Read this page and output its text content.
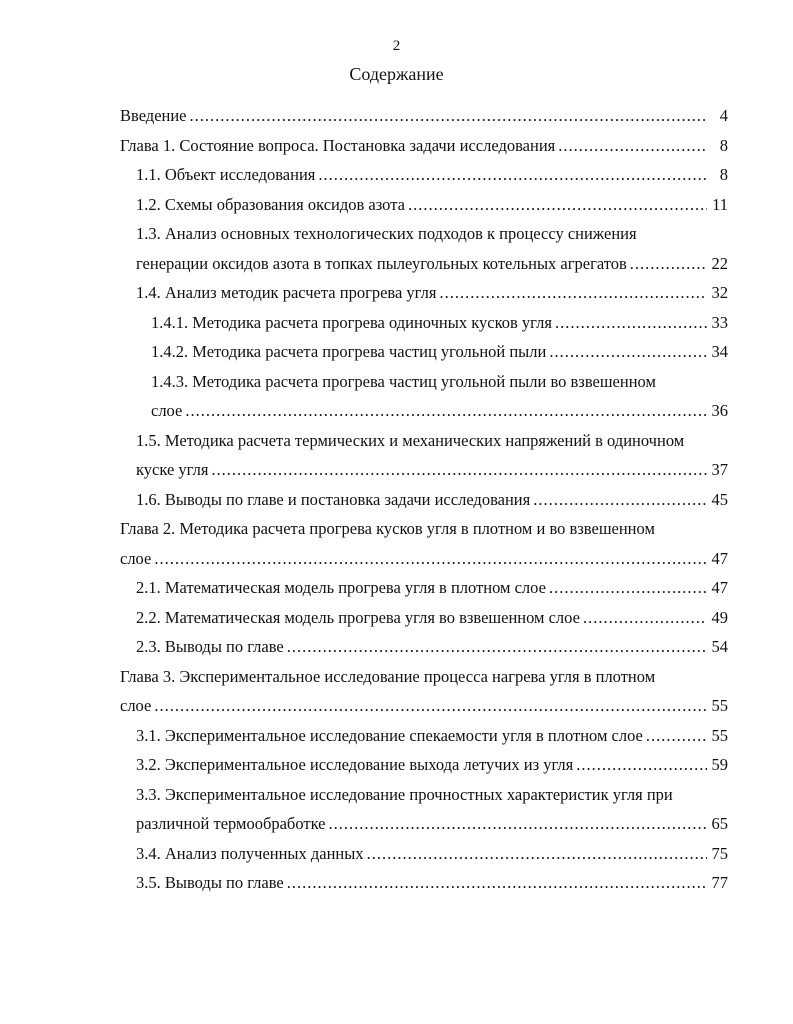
2
Содержание
Введение .....	4
Глава 1. Состояние вопроса. Постановка задачи исследования .....	8
1.1. Объект исследования .....	8
1.2. Схемы образования оксидов азота .....	11
1.3. Анализ основных технологических подходов к процессу снижения
генерации оксидов азота в топках пылеугольных котельных агрегатов .....	22
1.4. Анализ методик расчета прогрева угля .....	32
1.4.1. Методика расчета прогрева одиночных кусков угля .....	33
1.4.2. Методика расчета прогрева частиц угольной пыли .....	34
1.4.3. Методика расчета прогрева частиц угольной пыли во взвешенном
слое .....	36
1.5. Методика расчета термических и механических напряжений в одиночном
куске угля .....	37
1.6. Выводы по главе и постановка задачи исследования .....	45
Глава 2. Методика расчета прогрева кусков угля в плотном и во взвешенном
слое .....	47
2.1. Математическая модель прогрева угля в плотном слое .....	47
2.2. Математическая модель прогрева угля во взвешенном слое .....	49
2.3. Выводы по главе .....	54
Глава 3. Экспериментальное исследование процесса нагрева угля в плотном
слое .....	55
3.1. Экспериментальное исследование спекаемости угля в плотном слое .....	55
3.2. Экспериментальное исследование выхода летучих из угля .....	59
3.3. Экспериментальное исследование прочностных характеристик угля при
различной термообработке .....	65
3.4. Анализ полученных данных .....	75
3.5. Выводы по главе .....	77
